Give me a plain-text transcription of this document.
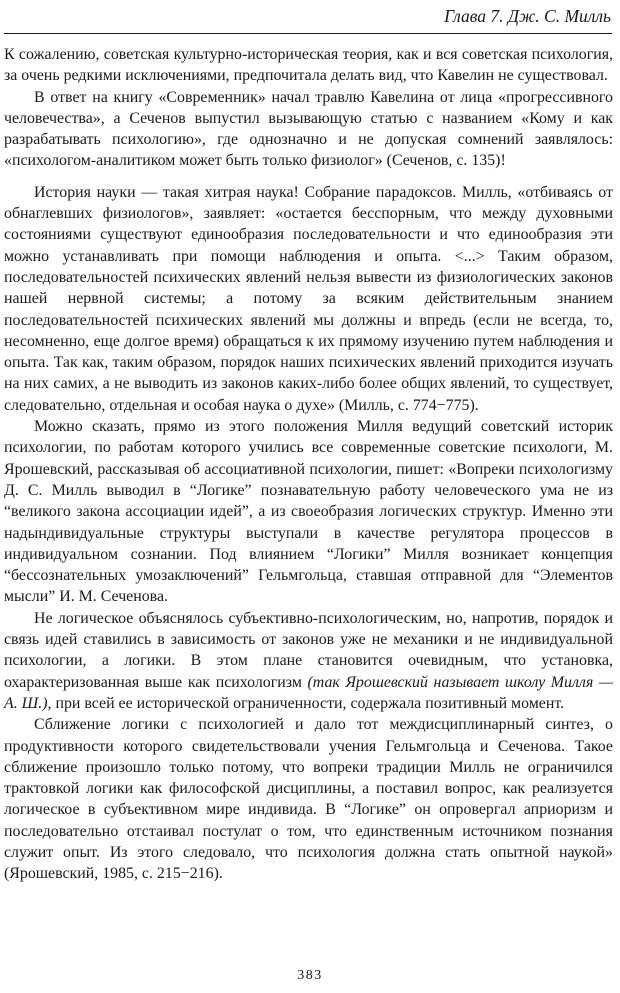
Глава 7. Дж. С. Милль

К сожалению, советская культурно-историческая теория, как и вся советская психология, за очень редкими исключениями, предпочитала делать вид, что Кавелин не существовал.

В ответ на книгу «Современник» начал травлю Кавелина от лица «прогрессивного человечества», а Сеченов выпустил вызывающую статью с названием «Кому и как разрабатывать психологию», где однозначно и не допуская сомнений заявлялось: «психологом-аналитиком может быть только физиолог» (Сеченов, с. 135)!

История науки — такая хитрая наука! Собрание парадоксов. Милль, «отбиваясь от обнаглевших физиологов», заявляет: «остается бесспорным, что между духовными состояниями существуют единообразия последовательности и что единообразия эти можно устанавливать при помощи наблюдения и опыта. <...> Таким образом, последовательностей психических явлений нельзя вывести из физиологических законов нашей нервной системы; а потому за всяким действительным знанием последовательностей психических явлений мы должны и впредь (если не всегда, то, несомненно, еще долгое время) обращаться к их прямому изучению путем наблюдения и опыта. Так как, таким образом, порядок наших психических явлений приходится изучать на них самих, а не выводить из законов каких-либо более общих явлений, то существует, следовательно, отдельная и особая наука о духе» (Милль, с. 774−775).

Можно сказать, прямо из этого положения Милля ведущий советский историк психологии, по работам которого учились все современные советские психологи, М. Ярошевский, рассказывая об ассоциативной психологии, пишет: «Вопреки психологизму Д. С. Милль выводил в “Логике” познавательную работу человеческого ума не из “великого закона ассоциации идей”, а из своеобразия логических структур. Именно эти надындивидуальные структуры выступали в качестве регулятора процессов в индивидуальном сознании. Под влиянием “Логики” Милля возникает концепция “бессознательных умозаключений” Гельмгольца, ставшая отправной для “Элементов мысли” И. М. Сеченова.

Не логическое объяснялось субъективно-психологическим, но, напротив, порядок и связь идей ставились в зависимость от законов уже не механики и не индивидуальной психологии, а логики. В этом плане становится очевидным, что установка, охарактеризованная выше как психологизм (так Ярошевский называет школу Милля — А. Ш.), при всей ее исторической ограниченности, содержала позитивный момент.

Сближение логики с психологией и дало тот междисциплинарный синтез, о продуктивности которого свидетельствовали учения Гельмгольца и Сеченова. Такое сближение произошло только потому, что вопреки традиции Милль не ограничился трактовкой логики как философской дисциплины, а поставил вопрос, как реализуется логическое в субъективном мире индивида. В “Логике” он опровергал априоризм и последовательно отстаивал постулат о том, что единственным источником познания служит опыт. Из этого следовало, что психология должна стать опытной наукой» (Ярошевский, 1985, с. 215−216).

383
